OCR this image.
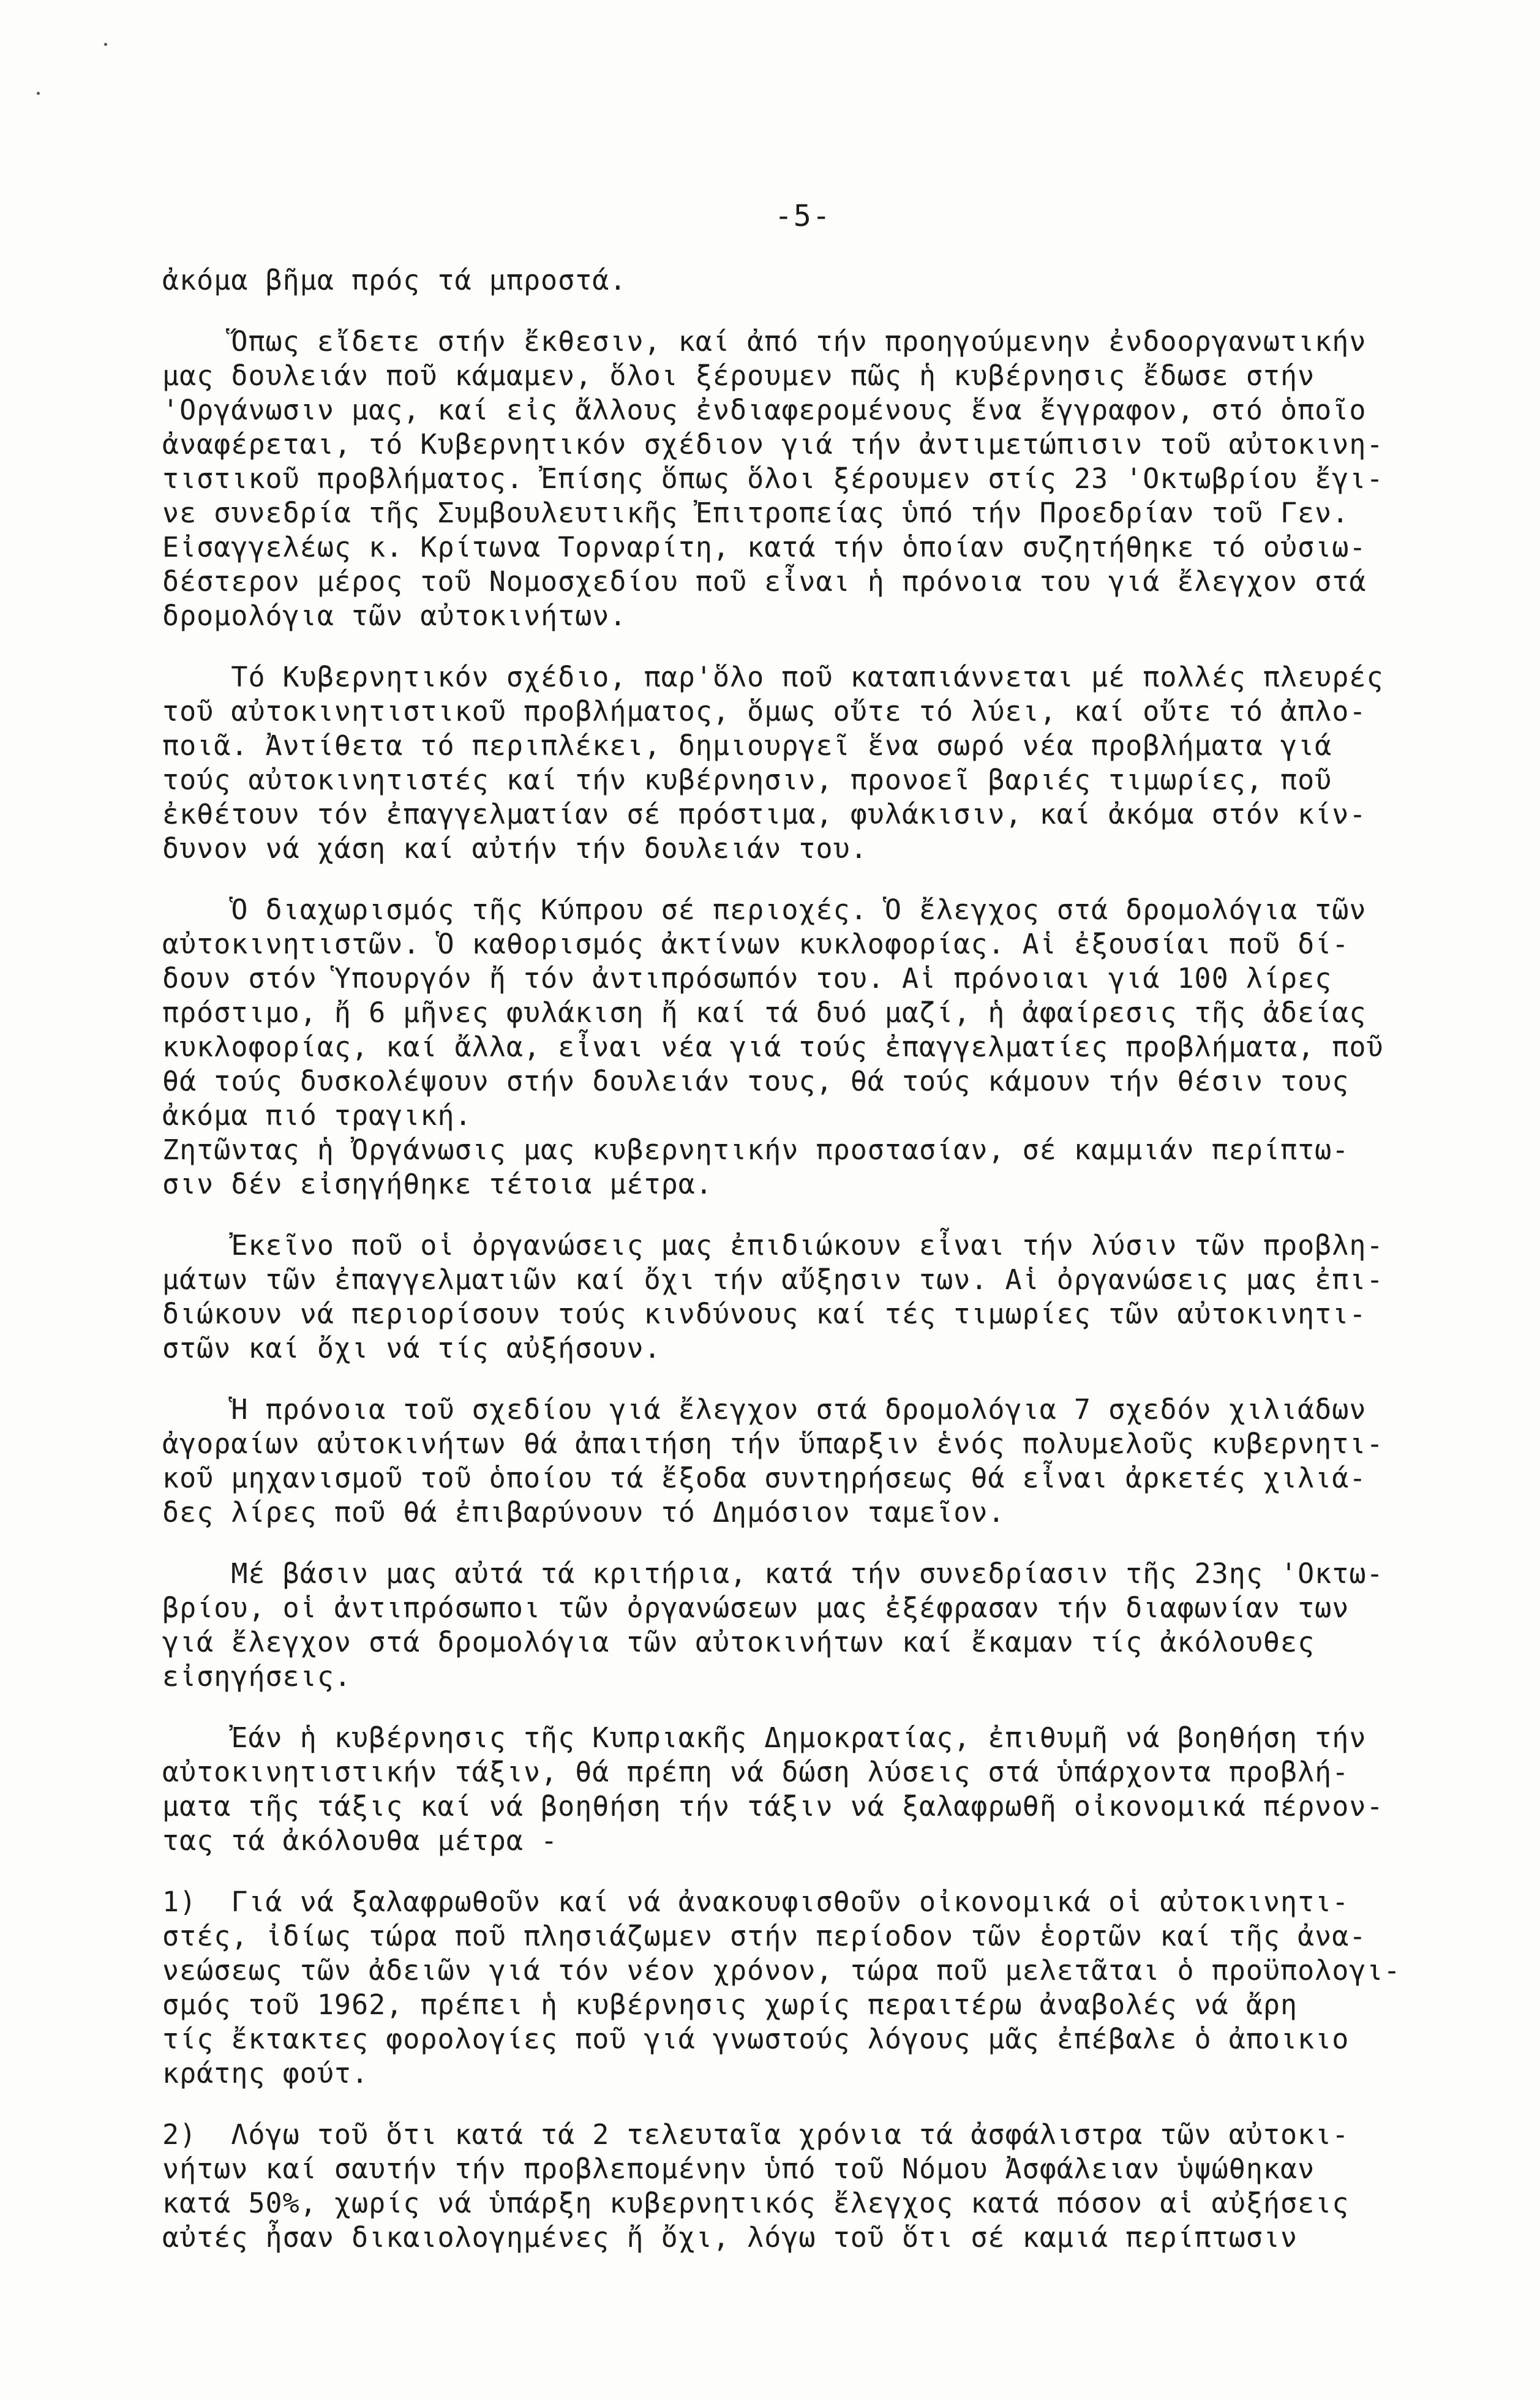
-5-
ἀκόμα βῆμα πρός τά μπροστά.
Ὅπως εἴδετε στήν ἔκθεσιν, καί ἀπό τήν προηγούμενην ἐνδοοργανωτικήν
μας δουλειάν ποῦ κάμαμεν, ὅλοι ξέρουμεν πῶς ἡ κυβέρνησις ἔδωσε στήν
'Οργάνωσιν μας, καί εἰς ἄλλους ἐνδιαφερομένους ἕνα ἔγγραφον, στό ὁποῖο
ἀναφέρεται, τό Κυβερνητικόν σχέδιον γιά τήν ἀντιμετώπισιν τοῦ αὐτοκινη-
τιστικοῦ προβλήματος. Ἐπίσης ὅπως ὅλοι ξέρουμεν στίς 23 'Οκτωβρίου ἔγι-
νε συνεδρία τῆς Συμβουλευτικῆς Ἐπιτροπείας ὑπό τήν Προεδρίαν τοῦ Γεν.
Εἰσαγγελέως κ. Κρίτωνα Τορναρίτη, κατά τήν ὁποίαν συζητήθηκε τό οὐσιω-
δέστερον μέρος τοῦ Νομοσχεδίου ποῦ εἶναι ἡ πρόνοια του γιά ἔλεγχον στά
δρομολόγια τῶν αὐτοκινήτων.
Τό Κυβερνητικόν σχέδιο, παρ'ὅλο ποῦ καταπιάννεται μέ πολλές πλευρές
τοῦ αὐτοκινητιστικοῦ προβλήματος, ὅμως οὔτε τό λύει, καί οὔτε τό ἀπλο-
ποιᾶ. Ἀντίθετα τό περιπλέκει, δημιουργεῖ ἕνα σωρό νέα προβλήματα γιά
τούς αὐτοκινητιστές καί τήν κυβέρνησιν, προνοεῖ βαριές τιμωρίες, ποῦ
ἐκθέτουν τόν ἐπαγγελματίαν σέ πρόστιμα, φυλάκισιν, καί ἀκόμα στόν κίν-
δυνον νά χάση καί αὐτήν τήν δουλειάν του.
Ὁ διαχωρισμός τῆς Κύπρου σέ περιοχές. Ὁ ἔλεγχος στά δρομολόγια τῶν
αὐτοκινητιστῶν. Ὁ καθορισμός ἀκτίνων κυκλοφορίας. Αἱ ἐξουσίαι ποῦ δί-
δουν στόν Ὑπουργόν ἤ τόν ἀντιπρόσωπόν του. Αἱ πρόνοιαι γιά 100 λίρες
πρόστιμο, ἤ 6 μῆνες φυλάκιση ἤ καί τά δυό μαζί, ἡ ἀφαίρεσις τῆς ἀδείας
κυκλοφορίας, καί ἄλλα, εἶναι νέα γιά τούς ἐπαγγελματίες προβλήματα, ποῦ
θά τούς δυσκολέψουν στήν δουλειάν τους, θά τούς κάμουν τήν θέσιν τους
ἀκόμα πιό τραγική.
Ζητῶντας ἡ Ὀργάνωσις μας κυβερνητικήν προστασίαν, σέ καμμιάν περίπτω-
σιν δέν εἰσηγήθηκε τέτοια μέτρα.
Ἐκεῖνο ποῦ οἱ ὀργανώσεις μας ἐπιδιώκουν εἶναι τήν λύσιν τῶν προβλη-
μάτων τῶν ἐπαγγελματιῶν καί ὄχι τήν αὔξησιν των. Αἱ ὀργανώσεις μας ἐπι-
διώκουν νά περιορίσουν τούς κινδύνους καί τές τιμωρίες τῶν αὐτοκινητι-
στῶν καί ὄχι νά τίς αὐξήσουν.
Ἡ πρόνοια τοῦ σχεδίου γιά ἔλεγχον στά δρομολόγια 7 σχεδόν χιλιάδων
ἀγοραίων αὐτοκινήτων θά ἀπαιτήση τήν ὕπαρξιν ἑνός πολυμελοῦς κυβερνητι-
κοῦ μηχανισμοῦ τοῦ ὁποίου τά ἔξοδα συντηρήσεως θά εἶναι ἀρκετές χιλιά-
δες λίρες ποῦ θά ἐπιβαρύνουν τό Δημόσιον ταμεῖον.
Μέ βάσιν μας αὐτά τά κριτήρια, κατά τήν συνεδρίασιν τῆς 23ης 'Οκτω-
βρίου, οἱ ἀντιπρόσωποι τῶν ὀργανώσεων μας ἐξέφρασαν τήν διαφωνίαν των
γιά ἔλεγχον στά δρομολόγια τῶν αὐτοκινήτων καί ἔκαμαν τίς ἀκόλουθες
εἰσηγήσεις.
Ἐάν ἡ κυβέρνησις τῆς Κυπριακῆς Δημοκρατίας, ἐπιθυμῆ νά βοηθήση τήν
αὐτοκινητιστικήν τάξιν, θά πρέπη νά δώση λύσεις στά ὑπάρχοντα προβλή-
ματα τῆς τάξις καί νά βοηθήση τήν τάξιν νά ξαλαφρωθῆ οἰκονομικά πέρνον-
τας τά ἀκόλουθα μέτρα -
1)  Γιά νά ξαλαφρωθοῦν καί νά ἀνακουφισθοῦν οἰκονομικά οἱ αὐτοκινητι-
στές, ἰδίως τώρα ποῦ πλησιάζωμεν στήν περίοδον τῶν ἑορτῶν καί τῆς ἀνα-
νεώσεως τῶν ἀδειῶν γιά τόν νέον χρόνον, τώρα ποῦ μελετᾶται ὁ προϋπολογι-
σμός τοῦ 1962, πρέπει ἡ κυβέρνησις χωρίς περαιτέρω ἀναβολές νά ἄρη
τίς ἔκτακτες φορολογίες ποῦ γιά γνωστούς λόγους μᾶς ἐπέβαλε ὁ ἀποικιο
κράτης φούτ.
2)  Λόγω τοῦ ὅτι κατά τά 2 τελευταῖα χρόνια τά ἀσφάλιστρα τῶν αὐτοκι-
νήτων καί σαυτήν τήν προβλεπομένην ὑπό τοῦ Νόμου Ἀσφάλειαν ὑψώθηκαν
κατά 50%, χωρίς νά ὑπάρξη κυβερνητικός ἔλεγχος κατά πόσον αἱ αὐξήσεις
αὐτές ἦσαν δικαιολογημένες ἤ ὄχι, λόγω τοῦ ὅτι σέ καμιά περίπτωσιν
